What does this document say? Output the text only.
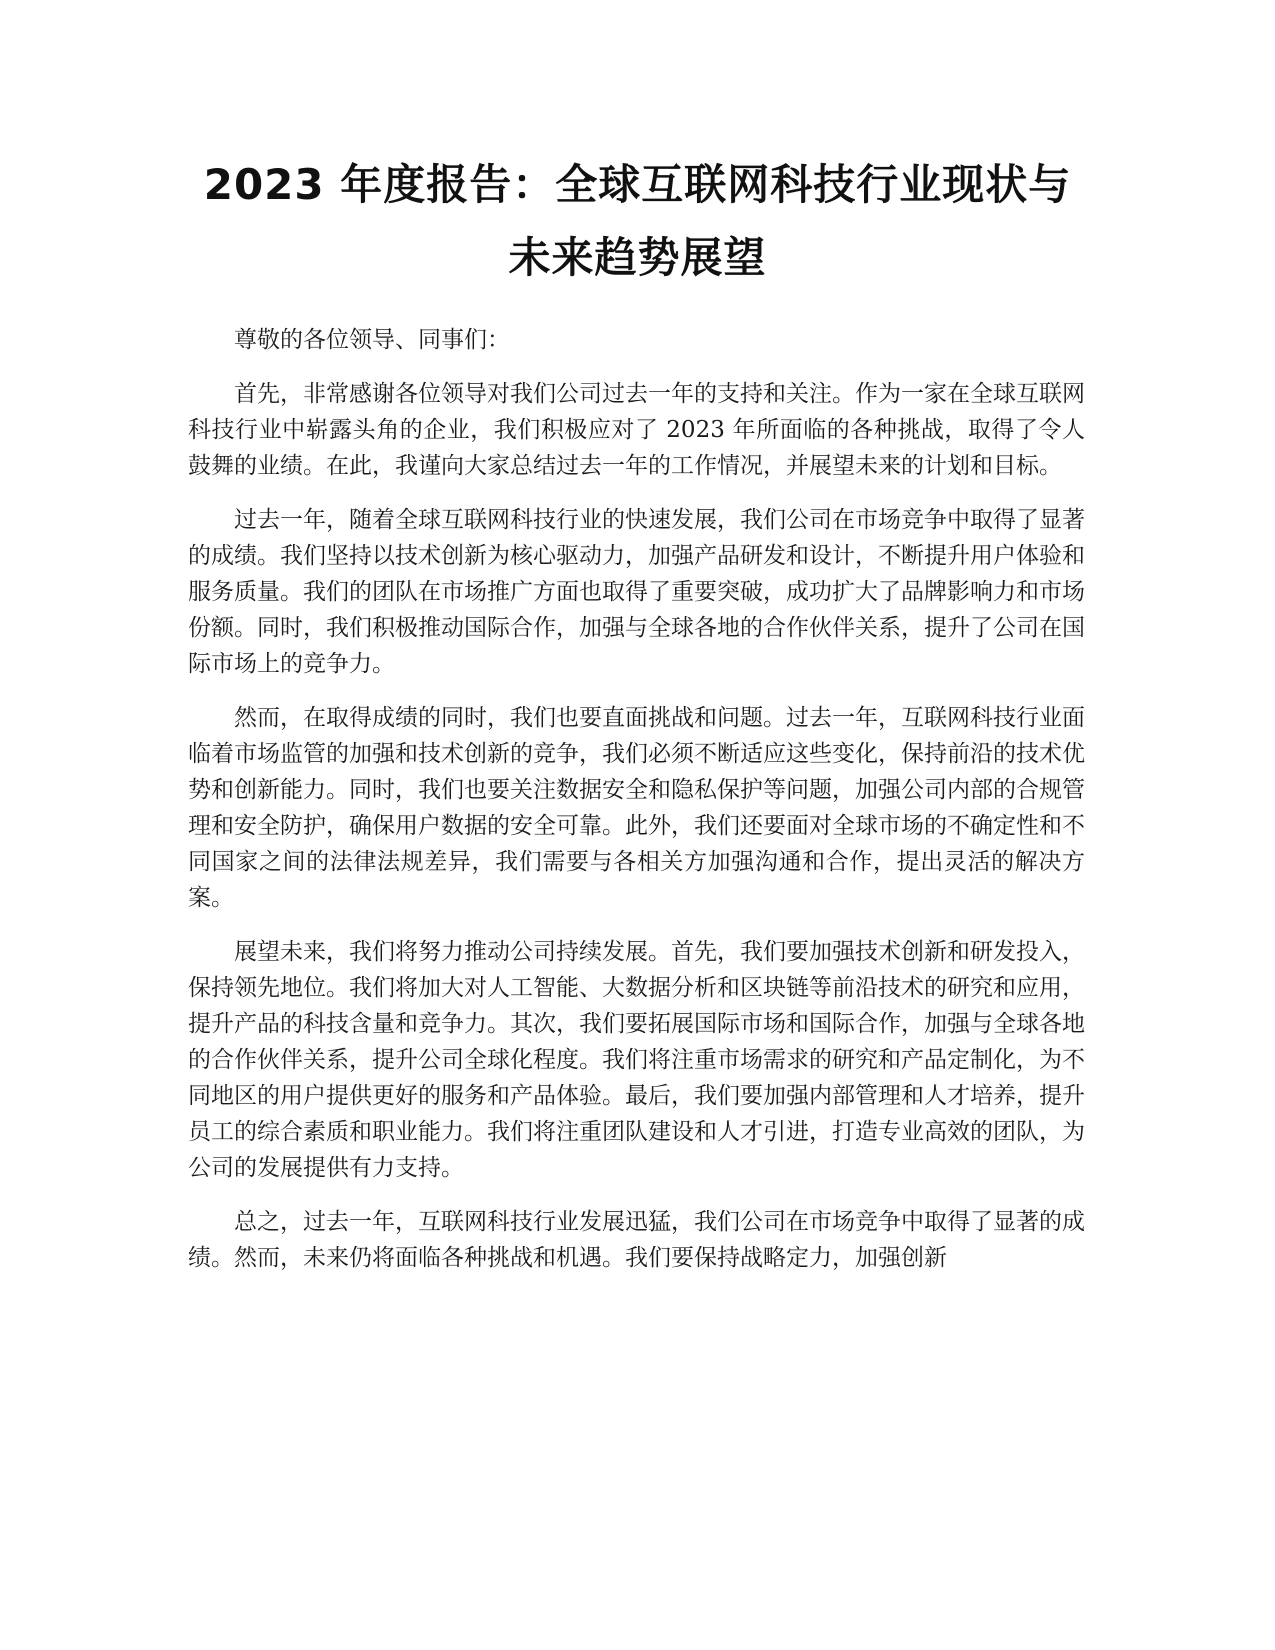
2023 年度报告：全球互联网科技行业现状与
未来趋势展望

尊敬的各位领导、同事们：

首先，非常感谢各位领导对我们公司过去一年的支持和关注。作为一家在全球互联网科技行业中崭露头角的企业，我们积极应对了 2023 年所面临的各种挑战，取得了令人鼓舞的业绩。在此，我谨向大家总结过去一年的工作情况，并展望未来的计划和目标。

过去一年，随着全球互联网科技行业的快速发展，我们公司在市场竞争中取得了显著的成绩。我们坚持以技术创新为核心驱动力，加强产品研发和设计，不断提升用户体验和服务质量。我们的团队在市场推广方面也取得了重要突破，成功扩大了品牌影响力和市场份额。同时，我们积极推动国际合作，加强与全球各地的合作伙伴关系，提升了公司在国际市场上的竞争力。

然而，在取得成绩的同时，我们也要直面挑战和问题。过去一年，互联网科技行业面临着市场监管的加强和技术创新的竞争，我们必须不断适应这些变化，保持前沿的技术优势和创新能力。同时，我们也要关注数据安全和隐私保护等问题，加强公司内部的合规管理和安全防护，确保用户数据的安全可靠。此外，我们还要面对全球市场的不确定性和不同国家之间的法律法规差异，我们需要与各相关方加强沟通和合作，提出灵活的解决方案。

展望未来，我们将努力推动公司持续发展。首先，我们要加强技术创新和研发投入，保持领先地位。我们将加大对人工智能、大数据分析和区块链等前沿技术的研究和应用，提升产品的科技含量和竞争力。其次，我们要拓展国际市场和国际合作，加强与全球各地的合作伙伴关系，提升公司全球化程度。我们将注重市场需求的研究和产品定制化，为不同地区的用户提供更好的服务和产品体验。最后，我们要加强内部管理和人才培养，提升员工的综合素质和职业能力。我们将注重团队建设和人才引进，打造专业高效的团队，为公司的发展提供有力支持。

总之，过去一年，互联网科技行业发展迅猛，我们公司在市场竞争中取得了显著的成绩。然而，未来仍将面临各种挑战和机遇。我们要保持战略定力，加强创新
